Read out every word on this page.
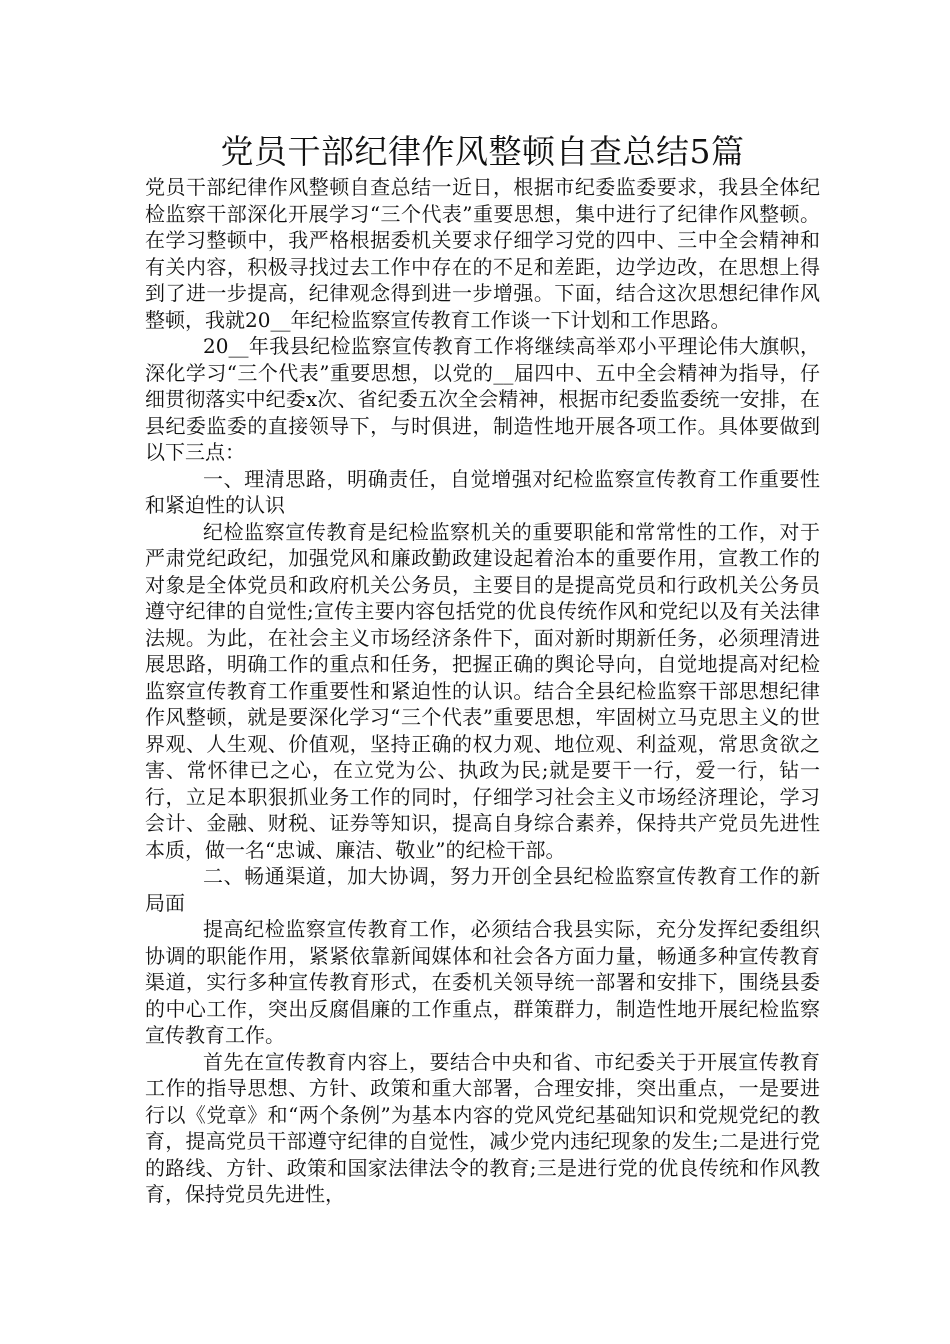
党员干部纪律作风整顿自查总结5篇

党员干部纪律作风整顿自查总结一近日，根据市纪委监委要求，我县全体纪检监察干部深化开展学习“三个代表”重要思想，集中进行了纪律作风整顿。在学习整顿中，我严格根据委机关要求仔细学习党的四中、三中全会精神和有关内容，积极寻找过去工作中存在的不足和差距，边学边改，在思想上得到了进一步提高，纪律观念得到进一步增强。下面，结合这次思想纪律作风整顿，我就20__年纪检监察宣传教育工作谈一下计划和工作思路。

20__年我县纪检监察宣传教育工作将继续高举邓小平理论伟大旗帜，深化学习“三个代表”重要思想，以党的__届四中、五中全会精神为指导，仔细贯彻落实中纪委x次、省纪委五次全会精神，根据市纪委监委统一安排，在县纪委监委的直接领导下，与时俱进，制造性地开展各项工作。具体要做到以下三点：

一、理清思路，明确责任，自觉增强对纪检监察宣传教育工作重要性和紧迫性的认识

纪检监察宣传教育是纪检监察机关的重要职能和常常性的工作，对于严肃党纪政纪，加强党风和廉政勤政建设起着治本的重要作用，宣教工作的对象是全体党员和政府机关公务员，主要目的是提高党员和行政机关公务员遵守纪律的自觉性;宣传主要内容包括党的优良传统作风和党纪以及有关法律法规。为此，在社会主义市场经济条件下，面对新时期新任务，必须理清进展思路，明确工作的重点和任务，把握正确的舆论导向，自觉地提高对纪检监察宣传教育工作重要性和紧迫性的认识。结合全县纪检监察干部思想纪律作风整顿，就是要深化学习“三个代表”重要思想，牢固树立马克思主义的世界观、人生观、价值观，坚持正确的权力观、地位观、利益观，常思贪欲之害、常怀律已之心，在立党为公、执政为民;就是要干一行，爱一行，钻一行，立足本职狠抓业务工作的同时，仔细学习社会主义市场经济理论，学习会计、金融、财税、证券等知识，提高自身综合素养，保持共产党员先进性本质，做一名“忠诚、廉洁、敬业”的纪检干部。

二、畅通渠道，加大协调，努力开创全县纪检监察宣传教育工作的新局面

提高纪检监察宣传教育工作，必须结合我县实际，充分发挥纪委组织协调的职能作用，紧紧依靠新闻媒体和社会各方面力量，畅通多种宣传教育渠道，实行多种宣传教育形式，在委机关领导统一部署和安排下，围绕县委的中心工作，突出反腐倡廉的工作重点，群策群力，制造性地开展纪检监察宣传教育工作。

首先在宣传教育内容上，要结合中央和省、市纪委关于开展宣传教育工作的指导思想、方针、政策和重大部署，合理安排，突出重点，一是要进行以《党章》和“两个条例”为基本内容的党风党纪基础知识和党规党纪的教育，提高党员干部遵守纪律的自觉性，减少党内违纪现象的发生;二是进行党的路线、方针、政策和国家法律法令的教育;三是进行党的优良传统和作风教育，保持党员先进性，
